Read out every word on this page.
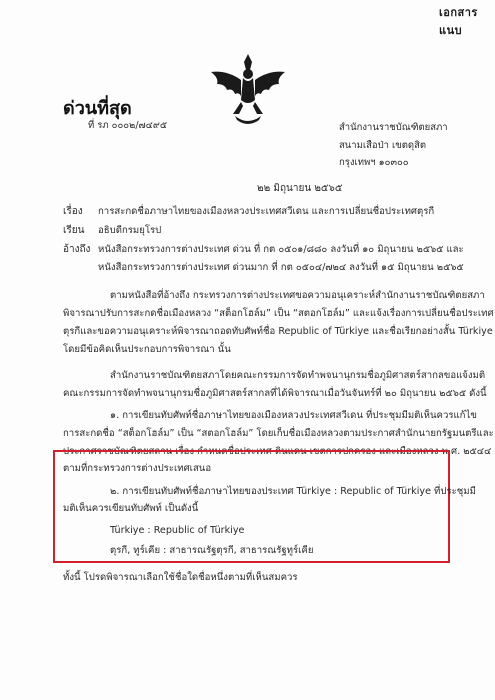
เอกสารแนบ
ด่วนที่สุด
ที่ รภ ๐๐๐๒/๗๔๙๕	สำนักงานราชบัณฑิตยสภา
สนามเสือป่า เขตดุสิต
กรุงเทพฯ ๑๐๓๐๐
๒๒ มิถุนายน ๒๕๖๕
เรื่อง การสะกดชื่อภาษาไทยของเมืองหลวงประเทศสวีเดน และการเปลี่ยนชื่อประเทศตุรกี
เรียน อธิบดีกรมยุโรป
อ้างถึง หนังสือกระทรวงการต่างประเทศ ด่วน ที่ กต ๐๕๐๑/๘๘๐ ลงวันที่ ๑๐ มิถุนายน ๒๕๖๕ และ
หนังสือกระทรวงการต่างประเทศ ด่วนมาก ที่ กต ๐๕๐๔/๗๒๔ ลงวันที่ ๑๕ มิถุนายน ๒๕๖๕
ตามหนังสือที่อ้างถึง กระทรวงการต่างประเทศขอความอนุเคราะห์สำนักงานราชบัณฑิตยสภา
พิจารณาปรับการสะกดชื่อเมืองหลวง “สต็อกโฮล์ม” เป็น “สตอกโฮล์ม” และแจ้งเรื่องการเปลี่ยนชื่อประเทศ
ตุรกีและขอความอนุเคราะห์พิจารณาถอดทับศัพท์ชื่อ Republic of Türkiye และชื่อเรียกอย่างสั้น Türkiye
โดยมีข้อคิดเห็นประกอบการพิจารณา นั้น
สำนักงานราชบัณฑิตยสภาโดยคณะกรรมการจัดทำพจนานุกรมชื่อภูมิศาสตร์สากลขอแจ้งมติ
คณะกรรมการจัดทำพจนานุกรมชื่อภูมิศาสตร์สากลที่ได้พิจารณาเมื่อวันจันทร์ที่ ๒๐ มิถุนายน ๒๕๖๕ ดังนี้
๑. การเขียนทับศัพท์ชื่อภาษาไทยของเมืองหลวงประเทศสวีเดน ที่ประชุมมีมติเห็นควรแก้ไข
การสะกดชื่อ “สต็อกโฮล์ม” เป็น “สตอกโฮล์ม” โดยเก็บชื่อเมืองหลวงตามประกาศสำนักนายกรัฐมนตรีและ
ประกาศราชบัณฑิตยสถาน เรื่อง กำหนดชื่อประเทศ ดินแดน เขตการปกครอง และเมืองหลวง พ.ศ. ๒๕๔๔
ตามที่กระทรวงการต่างประเทศเสนอ
๒. การเขียนทับศัพท์ชื่อภาษาไทยของประเทศ Türkiye : Republic of Türkiye ที่ประชุมมี
มติเห็นควรเขียนทับศัพท์ เป็นดังนี้
Türkiye : Republic of Türkiye
ตุรกี, ทูร์เคีย : สาธารณรัฐตุรกี, สาธารณรัฐทูร์เคีย
ทั้งนี้ โปรดพิจารณาเลือกใช้ชื่อใดชื่อหนึ่งตามที่เห็นสมควร
